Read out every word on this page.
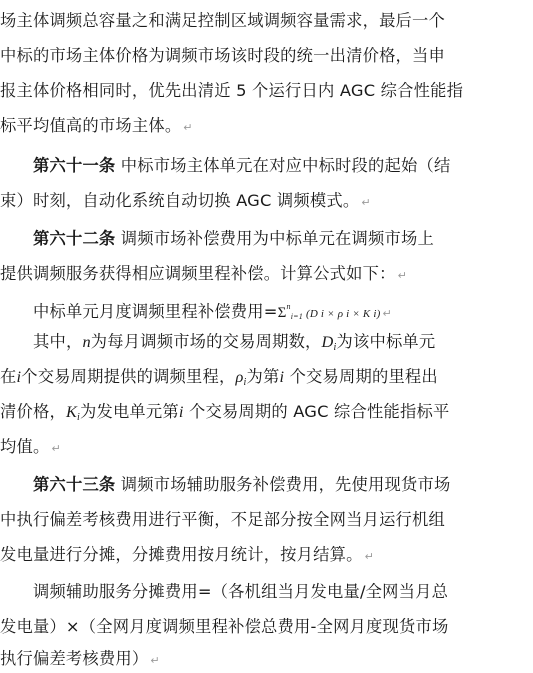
场主体调频总容量之和满足控制区域调频容量需求，最后一个
中标的市场主体价格为调频市场该时段的统一出清价格，当申
报主体价格相同时，优先出清近 5 个运行日内 AGC 综合性能指
标平均值高的市场主体。 ↵
第六十一条 中标市场主体单元在对应中标时段的起始（结
束）时刻，自动化系统自动切换 AGC 调频模式。 ↵
第六十二条 调频市场补偿费用为中标单元在调频市场上
提供调频服务获得相应调频里程补偿。计算公式如下： ↵
中标单元月度调频里程补偿费用$=\Sigma^ni=1$ (D i × ρ i × K i) ↵
其中，n为每月调频市场的交易周期数，$D_i$为该中标单元
在i个交易周期提供的调频里程，$\rho_i$为第i 个交易周期的里程出
清价格，$K_i$为发电单元第i 个交易周期的 AGC 综合性能指标平
均值。 ↵
第六十三条 调频市场辅助服务补偿费用，先使用现货市场
中执行偏差考核费用进行平衡，不足部分按全网当月运行机组
发电量进行分摊，分摊费用按月统计，按月结算。 ↵
调频辅助服务分摊费用=（各机组当月发电量/全网当月总
发电量）×（全网月度调频里程补偿总费用-全网月度现货市场
执行偏差考核费用） ↵
